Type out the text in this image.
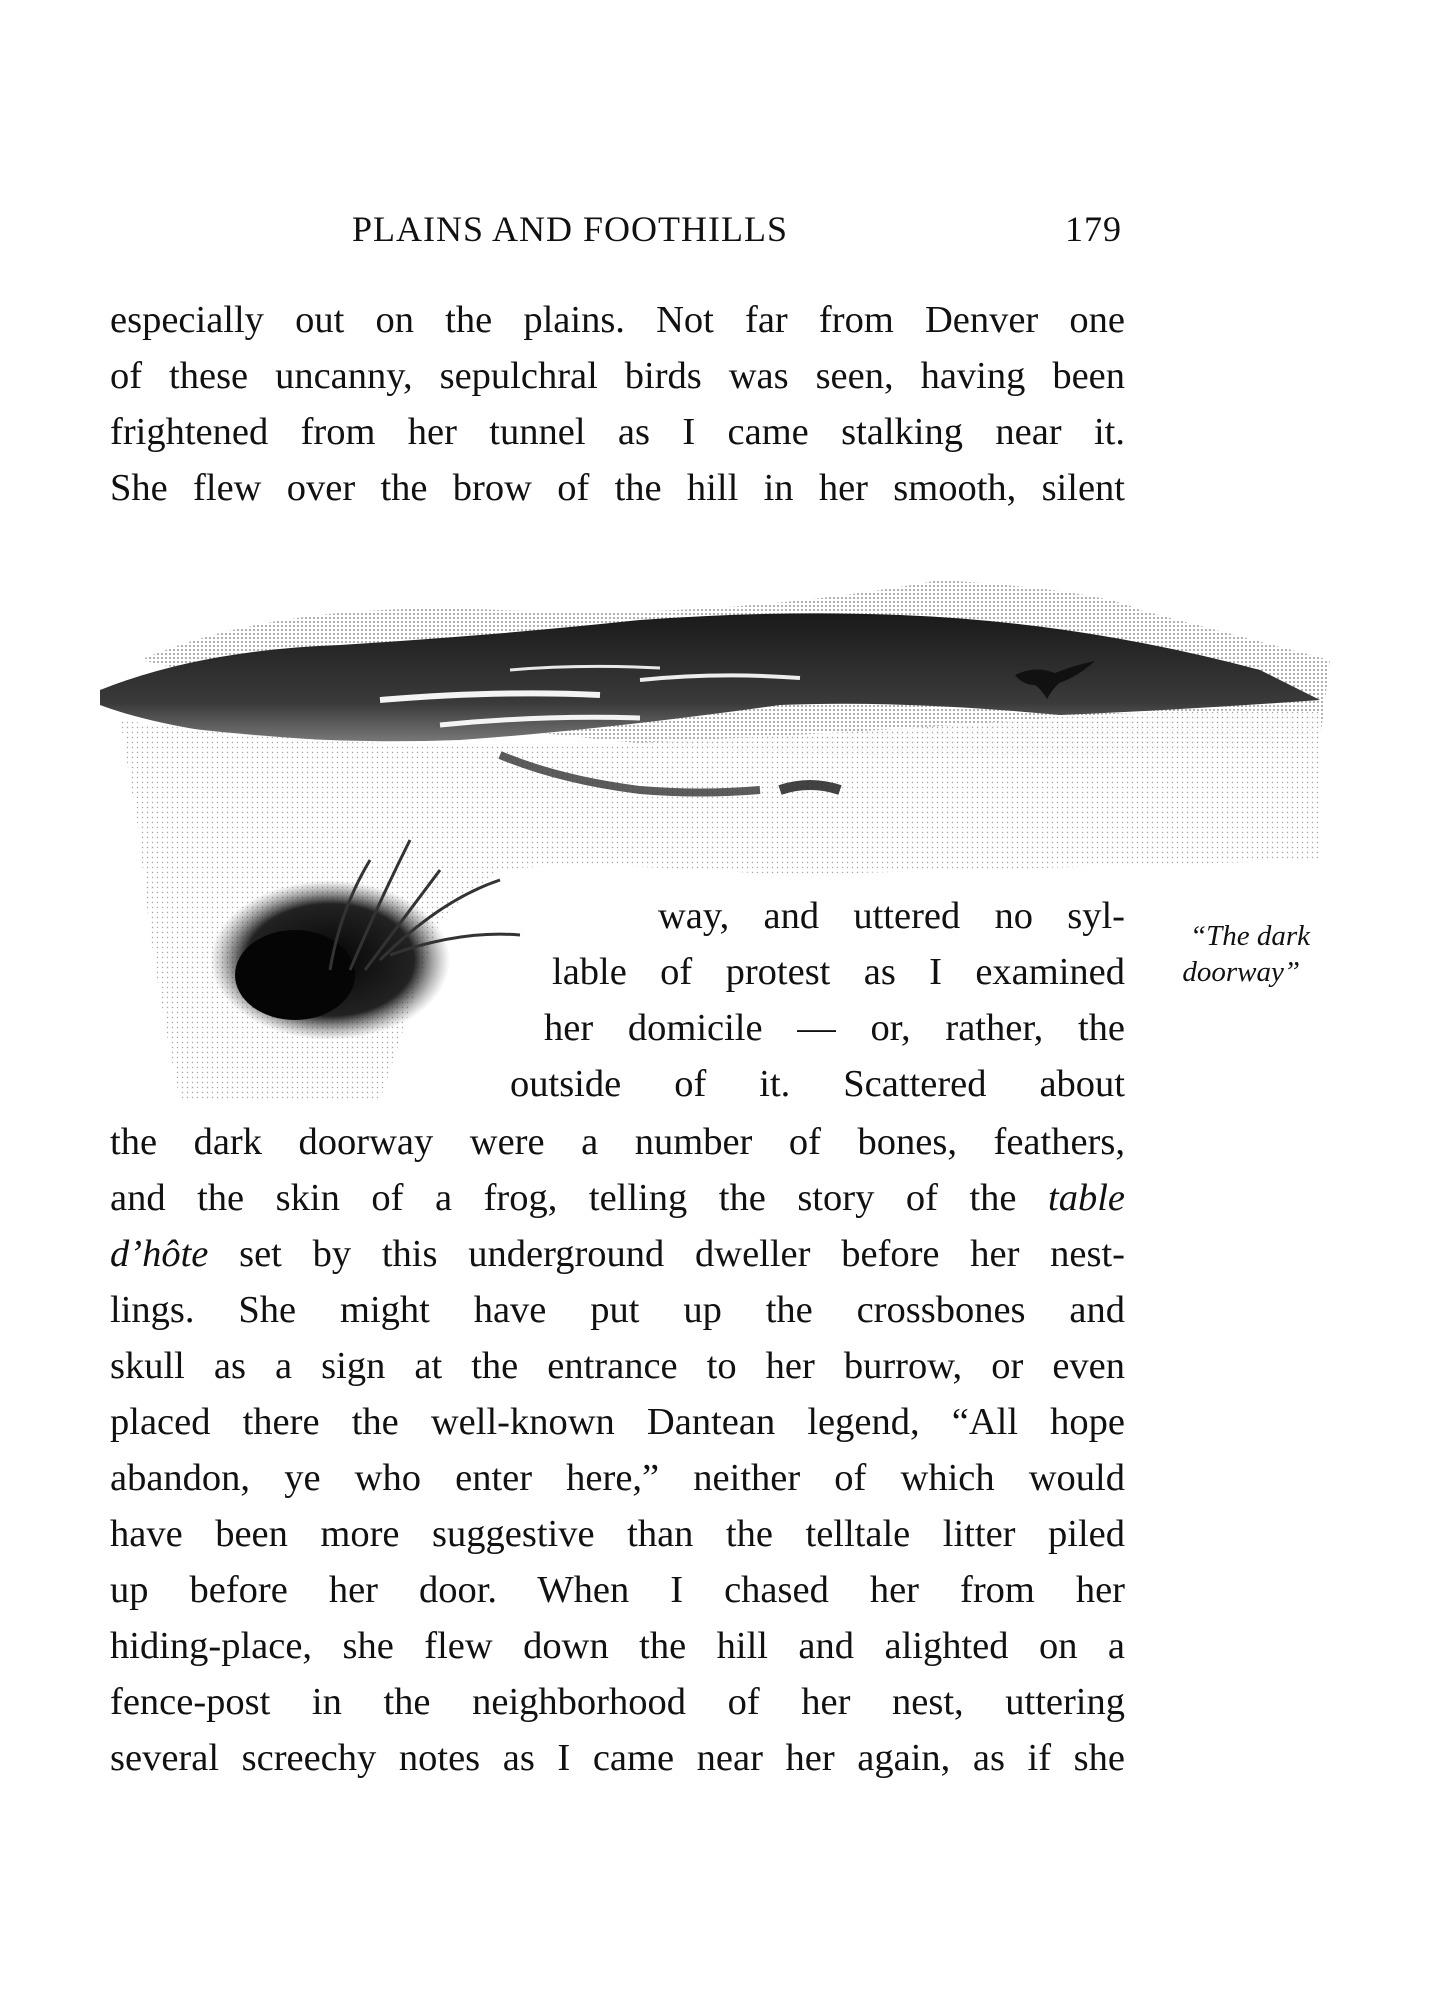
PLAINS AND FOOTHILLS	179
especially out on the plains. Not far from Denver one
of these uncanny, sepulchral birds was seen, having been
frightened from her tunnel as I came stalking near it.
She flew over the brow of the hill in her smooth, silent
way, and uttered no syl-	“The dark
doorway”
lable of protest as I examined
her domicile — or, rather, the
outside of it. Scattered about
the dark doorway were a number of bones, feathers,
and the skin of a frog, telling the story of the table
d’hôte set by this underground dweller before her nest-
lings. She might have put up the crossbones and
skull as a sign at the entrance to her burrow, or even
placed there the well-known Dantean legend, “All hope
abandon, ye who enter here,” neither of which would
have been more suggestive than the telltale litter piled
up before her door. When I chased her from her
hiding-place, she flew down the hill and alighted on a
fence-post in the neighborhood of her nest, uttering
several screechy notes as I came near her again, as if she
